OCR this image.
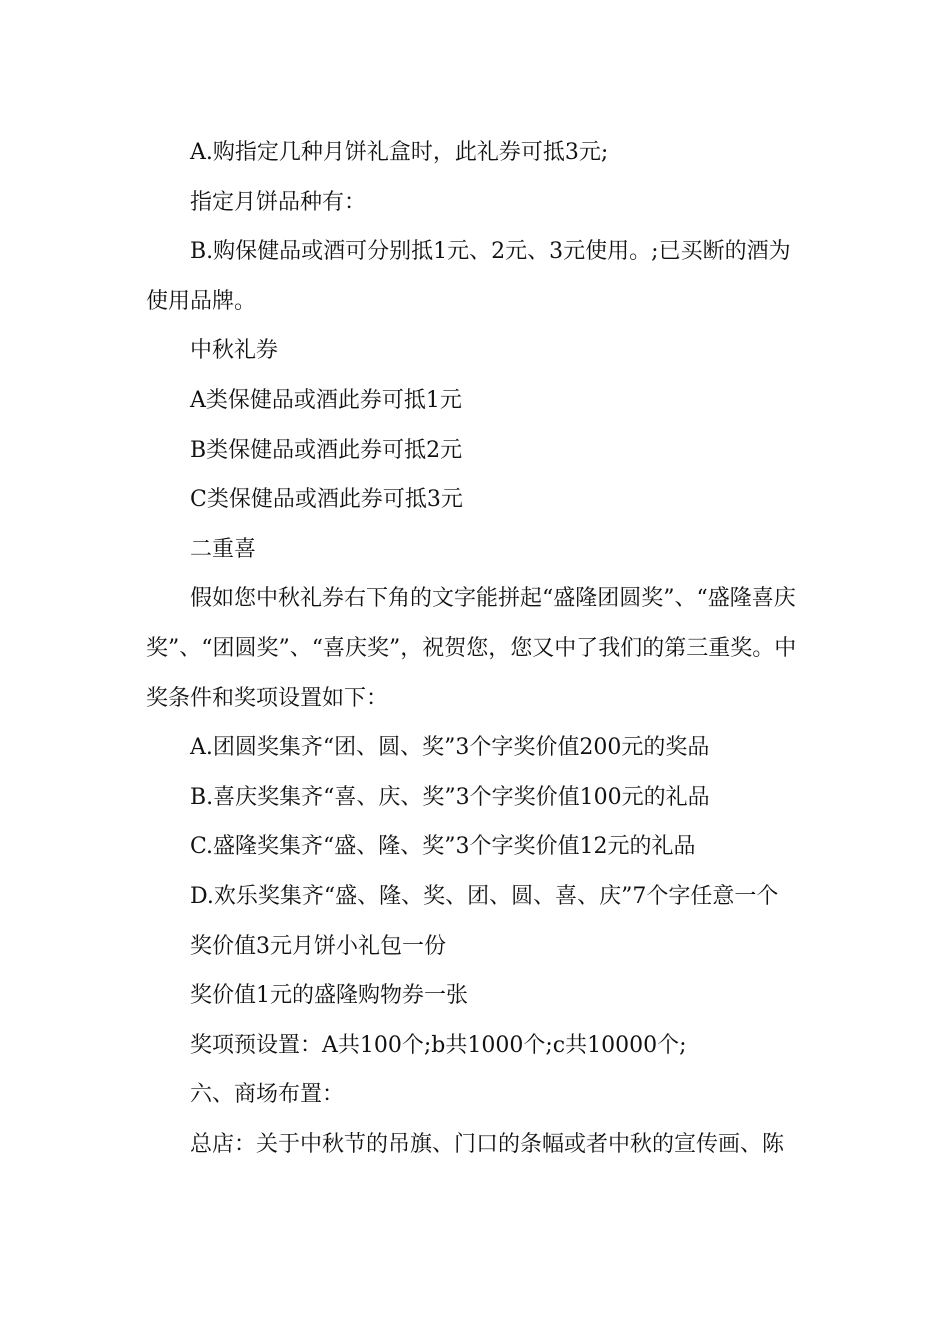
A.购指定几种月饼礼盒时，此礼券可抵3元;

指定月饼品种有：

B.购保健品或酒可分别抵1元、2元、3元使用。;已买断的酒为使用品牌。

中秋礼券

A类保健品或酒此券可抵1元

B类保健品或酒此券可抵2元

C类保健品或酒此券可抵3元

二重喜

假如您中秋礼券右下角的文字能拼起“盛隆团圆奖”、“盛隆喜庆奖”、“团圆奖”、“喜庆奖”，祝贺您，您又中了我们的第三重奖。中奖条件和奖项设置如下：

A.团圆奖集齐“团、圆、奖”3个字奖价值200元的奖品

B.喜庆奖集齐“喜、庆、奖”3个字奖价值100元的礼品

C.盛隆奖集齐“盛、隆、奖”3个字奖价值12元的礼品

D.欢乐奖集齐“盛、隆、奖、团、圆、喜、庆”7个字任意一个

奖价值3元月饼小礼包一份

奖价值1元的盛隆购物券一张

奖项预设置：A共100个;b共1000个;c共10000个;

六、商场布置：

总店：关于中秋节的吊旗、门口的条幅或者中秋的宣传画、陈
